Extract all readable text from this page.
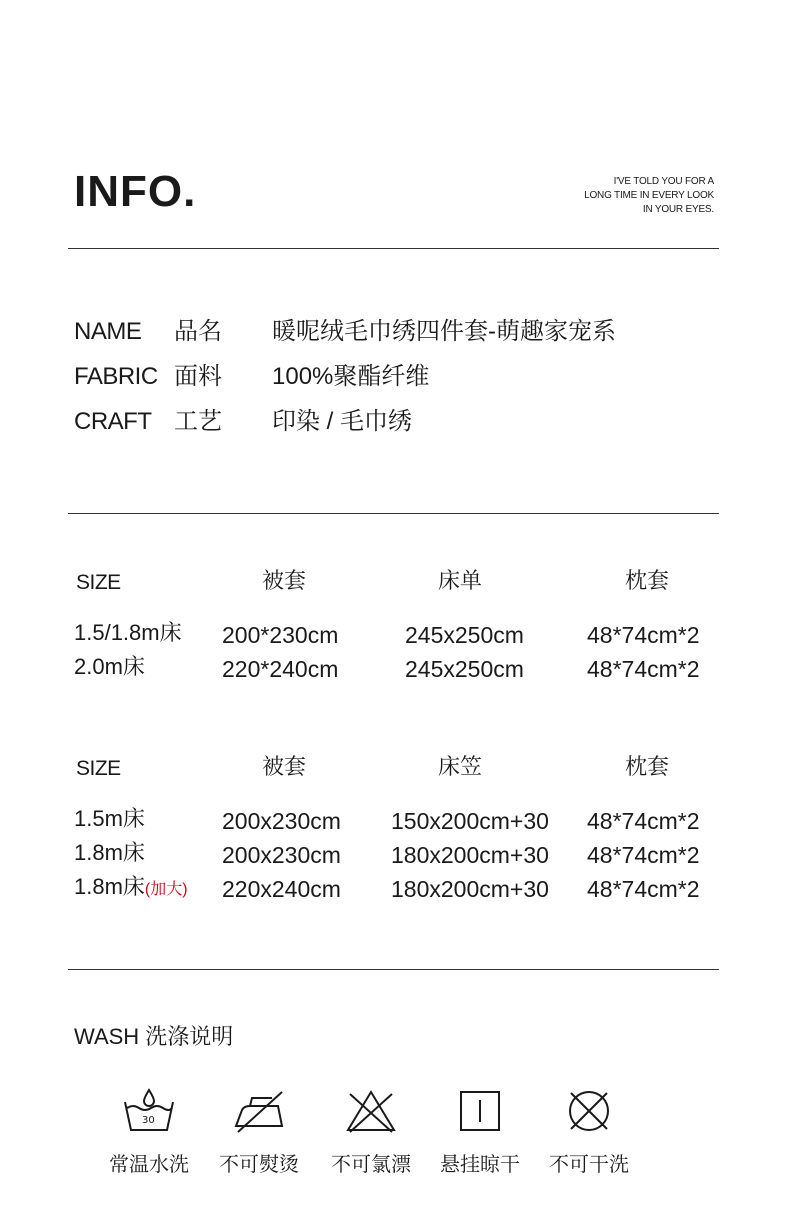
INFO.	I'VE TOLD YOU FOR A
LONG TIME IN EVERY LOOK
IN YOUR EYES.
NAME 品名 暖呢绒毛巾绣四件套-萌趣家宠系
FABRIC 面料 100%聚酯纤维
CRAFT 工艺 印染 / 毛巾绣
SIZE	被套	床单	枕套
1.5/1.8m床 200*230cm	245x250cm	48*74cm*2
2.0m床	220*240cm	245x250cm	48*74cm*2
SIZE	被套	床笠	枕套
1.5m床	200x230cm 150x200cm+30 48*74cm*2
1.8m床	200x230cm 180x200cm+30 48*74cm*2
1.8m床(加大) 220x240cm 180x200cm+30 48*74cm*2
WASH 洗涤说明
30
常温水洗	不可熨烫	不可氯漂	悬挂晾干	不可干洗
